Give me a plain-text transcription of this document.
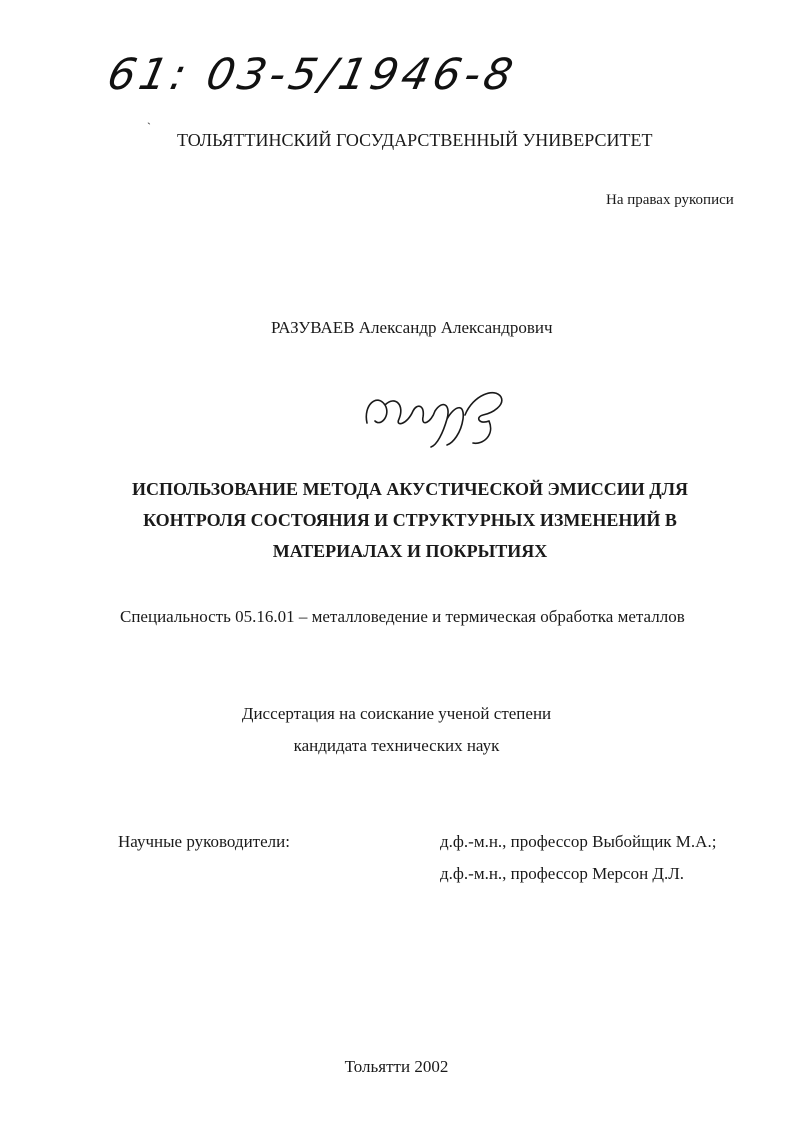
61: 03-5/1946-8
`
ТОЛЬЯТТИНСКИЙ ГОСУДАРСТВЕННЫЙ УНИВЕРСИТЕТ
На правах рукописи
РАЗУВАЕВ Александр Александрович
ИСПОЛЬЗОВАНИЕ МЕТОДА АКУСТИЧЕСКОЙ ЭМИССИИ ДЛЯ
КОНТРОЛЯ СОСТОЯНИЯ И СТРУКТУРНЫХ ИЗМЕНЕНИЙ В
МАТЕРИАЛАХ И ПОКРЫТИЯХ
Специальность 05.16.01 – металловедение и термическая обработка металлов
Диссертация на соискание ученой степени
кандидата технических наук
Научные руководители:	д.ф.-м.н., профессор Выбойщик М.А.;
д.ф.-м.н., профессор Мерсон Д.Л.
Тольятти 2002
